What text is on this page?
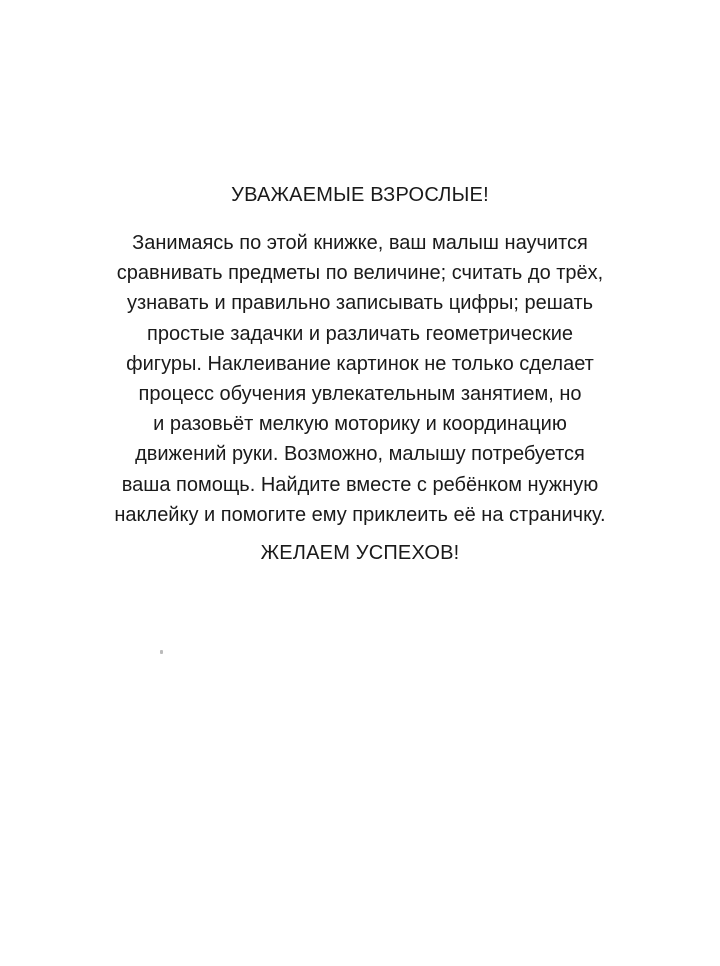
УВАЖАЕМЫЕ ВЗРОСЛЫЕ!

Занимаясь по этой книжке, ваш малыш научится
сравнивать предметы по величине; считать до трёх,
узнавать и правильно записывать цифры; решать
простые задачки и различать геометрические
фигуры. Наклеивание картинок не только сделает
процесс обучения увлекательным занятием, но
и разовьёт мелкую моторику и координацию
движений руки. Возможно, малышу потребуется
ваша помощь. Найдите вместе с ребёнком нужную
наклейку и помогите ему приклеить её на страничку.

ЖЕЛАЕМ УСПЕХОВ!
